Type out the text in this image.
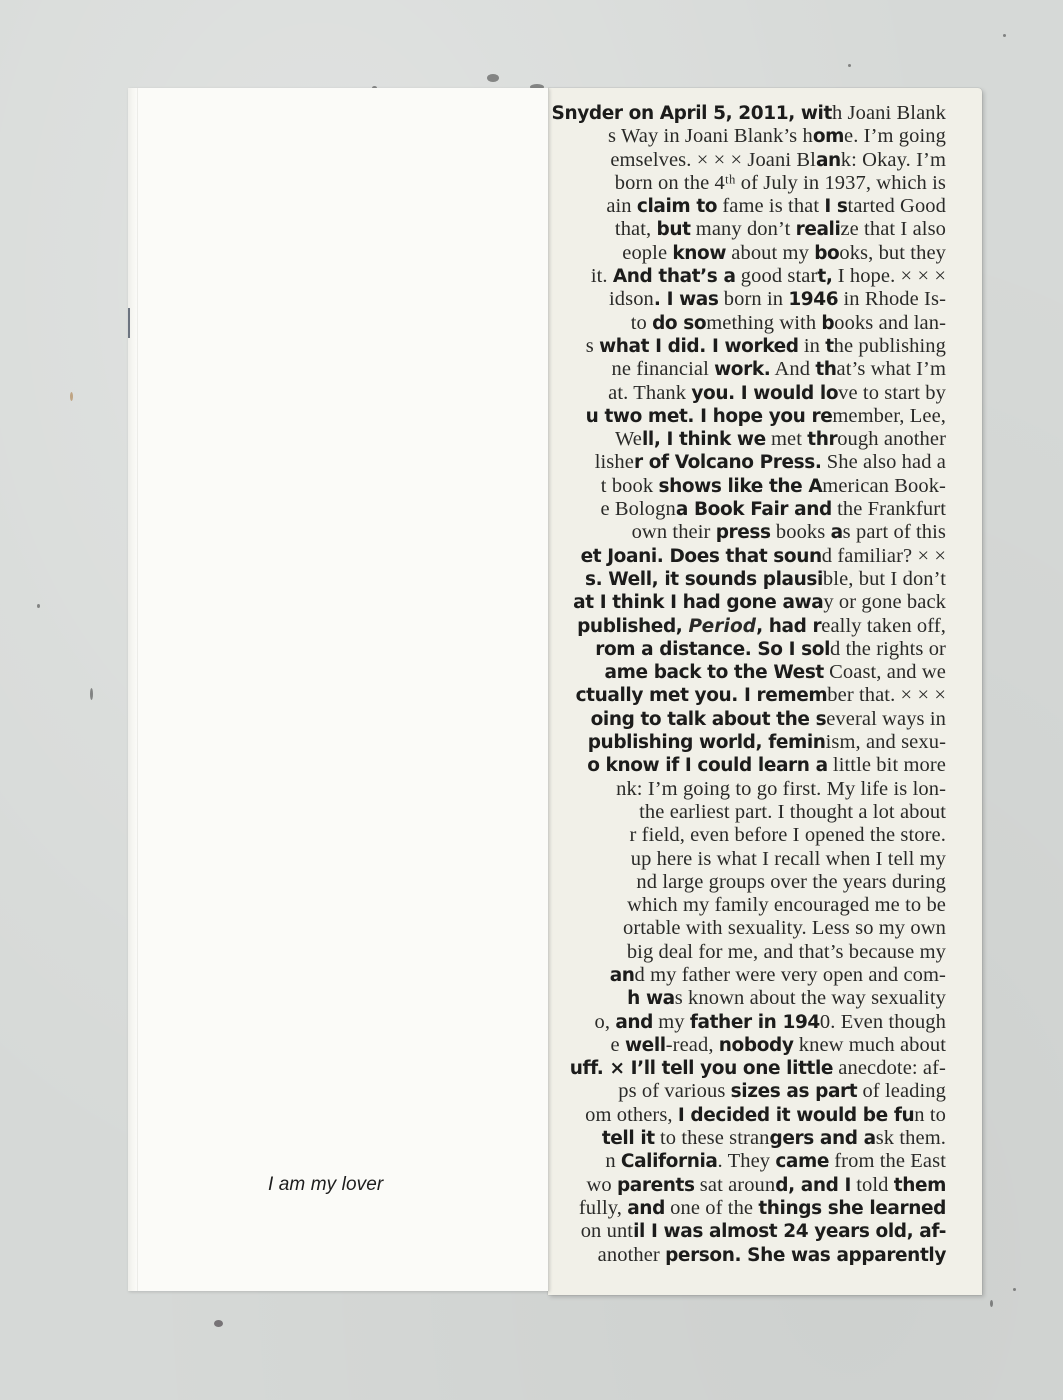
Snyder on April 5, 2011, with Joani Blank
s Way in Joani Blank’s home. I’m going
emselves. × × × Joani Blank: Okay. I’m
born on the 4ᵗʰ of July in 1937, which is
ain claim to fame is that I started Good
that, but many don’t realize that I also
eople know about my books, but they
it. And that’s a good start, I hope. × × ×
idson. I was born in 1946 in Rhode Is-
to do something with books and lan-
s what I did. I worked in the publishing
ne financial work. And that’s what I’m
at. Thank you. I would love to start by
u two met. I hope you remember, Lee,
Well, I think we met through another
lisher of Volcano Press. She also had a
t book shows like the American Book-
e Bologna Book Fair and the Frankfurt
own their press books as part of this
et Joani. Does that sound familiar? × ×
s. Well, it sounds plausible, but I don’t
at I think I had gone away or gone back
published, Period, had really taken off,
rom a distance. So I sold the rights or
ame back to the West Coast, and we
ctually met you. I remember that. × × ×
oing to talk about the several ways in
publishing world, feminism, and sexu-
o know if I could learn a little bit more
nk: I’m going to go first. My life is lon-
the earliest part. I thought a lot about
r field, even before I opened the store.
up here is what I recall when I tell my
nd large groups over the years during
which my family encouraged me to be
ortable with sexuality. Less so my own
big deal for me, and that’s because my
and my father were very open and com-
h was known about the way sexuality
o, and my father in 1940. Even though
e well-read, nobody knew much about
uff. × I’ll tell you one little anecdote: af-
ps of various sizes as part of leading
om others, I decided it would be fun to
tell it to these strangers and ask them.
n California. They came from the East
wo parents sat around, and I told them
fully, and one of the things she learned
on until I was almost 24 years old, af-
another person. She was apparently
I am my lover
